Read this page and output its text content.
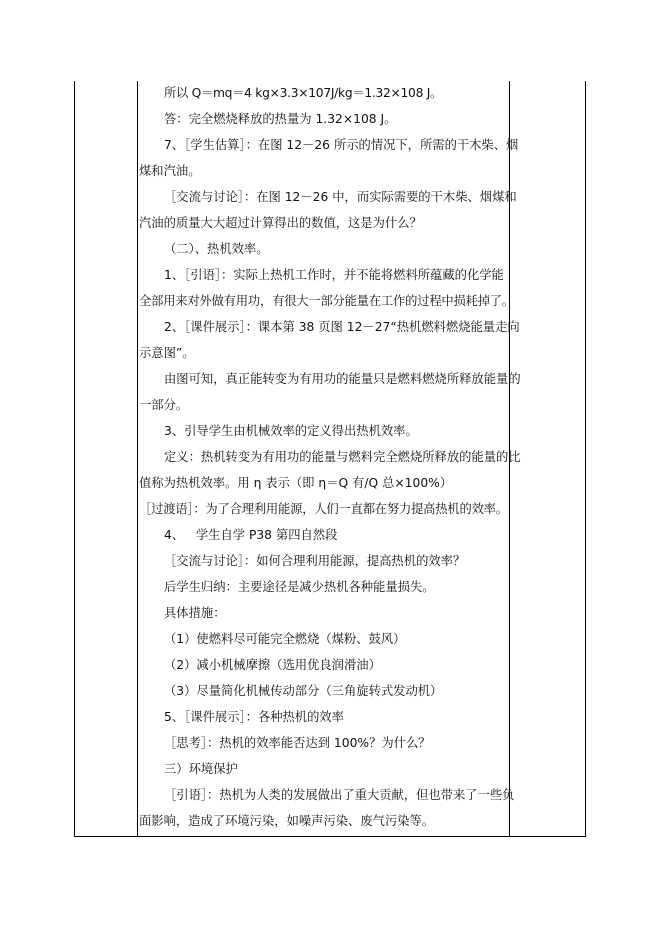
所以 Q＝mq＝4 kg×3.3×107J/kg＝1.32×108 J。
答：完全燃烧释放的热量为 1.32×108 J。
7、［学生估算］：在图 12－26 所示的情况下，所需的干木柴、烟
煤和汽油。
［交流与讨论］：在图 12－26 中，而实际需要的干木柴、烟煤和
汽油的质量大大超过计算得出的数值，这是为什么？
（二）、热机效率。
1、［引语］：实际上热机工作时，并不能将燃料所蕴藏的化学能
全部用来对外做有用功，有很大一部分能量在工作的过程中损耗掉了。
2、［课件展示］：课本第 38 页图 12－27“热机燃料燃烧能量走向
示意图”。
由图可知，真正能转变为有用功的能量只是燃料燃烧所释放能量的
一部分。
3、引导学生由机械效率的定义得出热机效率。
定义：热机转变为有用功的能量与燃料完全燃烧所释放的能量的比
值称为热机效率。用 η 表示（即 η＝Q 有/Q 总×100%）
［过渡语］：为了合理利用能源，人们一直都在努力提高热机的效率。
4、   学生自学 P38 第四自然段
［交流与讨论］：如何合理利用能源，提高热机的效率？
后学生归纳：主要途径是减少热机各种能量损失。
具体措施：
（1）使燃料尽可能完全燃烧（煤粉、鼓风）
（2）减小机械摩擦（选用优良润滑油）
（3）尽量简化机械传动部分（三角旋转式发动机）
5、［课件展示］：各种热机的效率
［思考］：热机的效率能否达到 100%？为什么？
三）环境保护
［引语］：热机为人类的发展做出了重大贡献，但也带来了一些负
面影响，造成了环境污染，如噪声污染、废气污染等。
